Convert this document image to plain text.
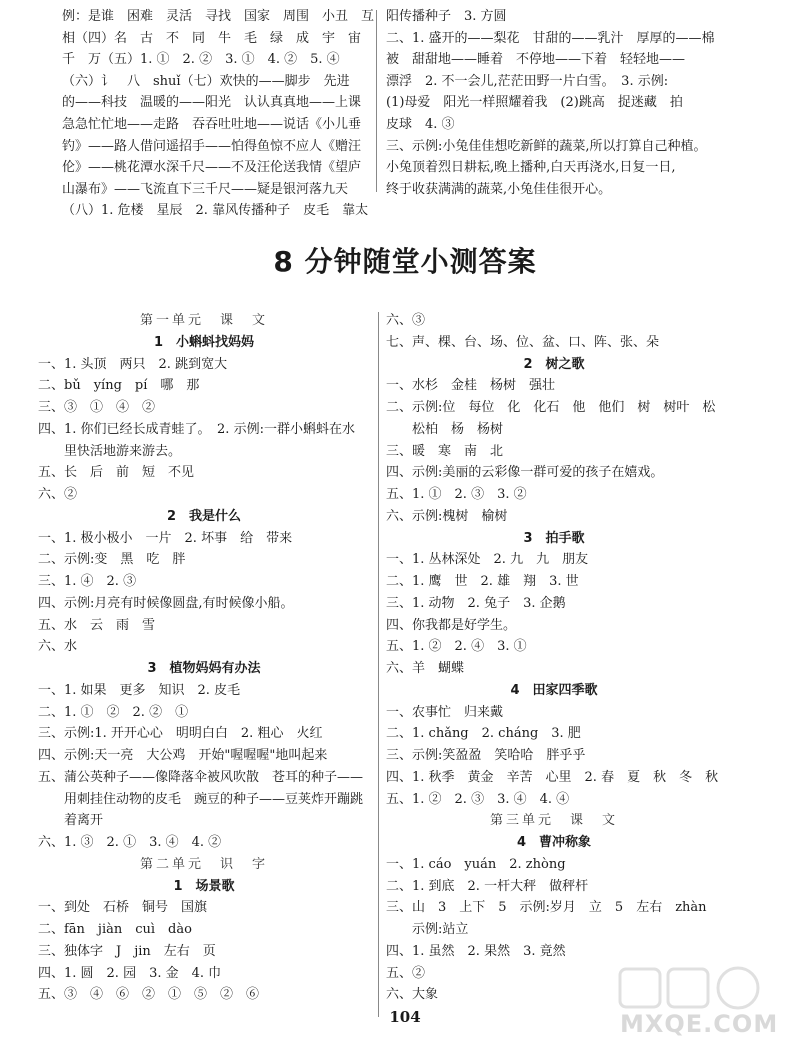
例：是谁　困难　灵活　寻找　国家　周围　小丑　互
相（四）名　古　不　同　牛　毛　绿　成　宇　宙
千　万（五）1. ①　2. ②　3. ①　4. ②　5. ④
（六）讠　八　shuǐ（七）欢快的——脚步　先进
的——科技　温暖的——阳光　认认真真地——上课
急急忙忙地——走路　吞吞吐吐地——说话《小儿垂
钓》——路人借问遥招手——怕得鱼惊不应人《赠汪
伦》——桃花潭水深千尺——不及汪伦送我情《望庐
山瀑布》——飞流直下三千尺——疑是银河落九天
（八）1. 危楼　星辰　2. 靠风传播种子　皮毛　靠太
阳传播种子　3. 方圆
二、1. 盛开的——梨花　甘甜的——乳汁　厚厚的——棉
被　甜甜地——睡着　不停地——下着　轻轻地——
漂浮　2. 不一会儿,茫茫田野一片白雪。　3. 示例:
(1)母爱　阳光一样照耀着我　(2)跳高　捉迷藏　拍
皮球　4. ③
三、示例:小兔佳佳想吃新鲜的蔬菜,所以打算自己种植。
小兔顶着烈日耕耘,晚上播种,白天再浇水,日复一日,
终于收获满满的蔬菜,小兔佳佳很开心。
8 分钟随堂小测答案
第一单元　课　文
1　小蝌蚪找妈妈
一、1. 头顶　两只　2. 跳到宽大
二、bǔ　yíng　pí　哪　那
三、③　①　④　②
四、1. 你们已经长成青蛙了。　2. 示例:一群小蝌蚪在水
　　里快活地游来游去。
五、长　后　前　短　不见
六、②
2　我是什么
一、1. 极小极小　一片　2. 坏事　给　带来
二、示例:变　黑　吃　胖
三、1. ④　2. ③
四、示例:月亮有时候像圆盘,有时候像小船。
五、水　云　雨　雪
六、水
3　植物妈妈有办法
一、1. 如果　更多　知识　2. 皮毛
二、1. ①　②　2. ②　①
三、示例:1. 开开心心　明明白白　2. 粗心　火红
四、示例:天一亮　大公鸡　开始"喔喔喔"地叫起来
五、蒲公英种子——像降落伞被风吹散　苍耳的种子——
　　用刺挂住动物的皮毛　豌豆的种子——豆荚炸开蹦跳
　　着离开
六、1. ③　2. ①　3. ④　4. ②
第二单元　识　字
1　场景歌
一、到处　石桥　铜号　国旗
二、fān　jiàn　cuì　dào
三、独体字　J　jin　左右　页
四、1. 圆　2. 园　3. 金　4. 巾
五、③　④　⑥　②　①　⑤　②　⑥
六、③
七、声、棵、台、场、位、盆、口、阵、张、朵
2　树之歌
一、水杉　金桂　杨树　强壮
二、示例:位　每位　化　化石　他　他们　树　树叶　松
　　松柏　杨　杨树
三、暖　寒　南　北
四、示例:美丽的云彩像一群可爱的孩子在嬉戏。
五、1. ①　2. ③　3. ②
六、示例:槐树　榆树
3　拍手歌
一、1. 丛林深处　2. 九　九　朋友
二、1. 鹰　世　2. 雄　翔　3. 世
三、1. 动物　2. 兔子　3. 企鹅
四、你我都是好学生。
五、1. ②　2. ④　3. ①
六、羊　蝴蝶
4　田家四季歌
一、农事忙　归来戴
二、1. chǎng　2. cháng　3. 肥
三、示例:笑盈盈　笑哈哈　胖乎乎
四、1. 秋季　黄金　辛苦　心里　2. 春　夏　秋　冬　秋
五、1. ②　2. ③　3. ④　4. ④
第三单元　课　文
4　曹冲称象
一、1. cáo　yuán　2. zhòng
二、1. 到底　2. 一杆大秤　做秤杆
三、山　3　上下　5　示例:岁月　立　5　左右　zhàn
　　示例:站立
四、1. 虽然　2. 果然　3. 竟然
五、②
六、大象
104	MXQE.COM
